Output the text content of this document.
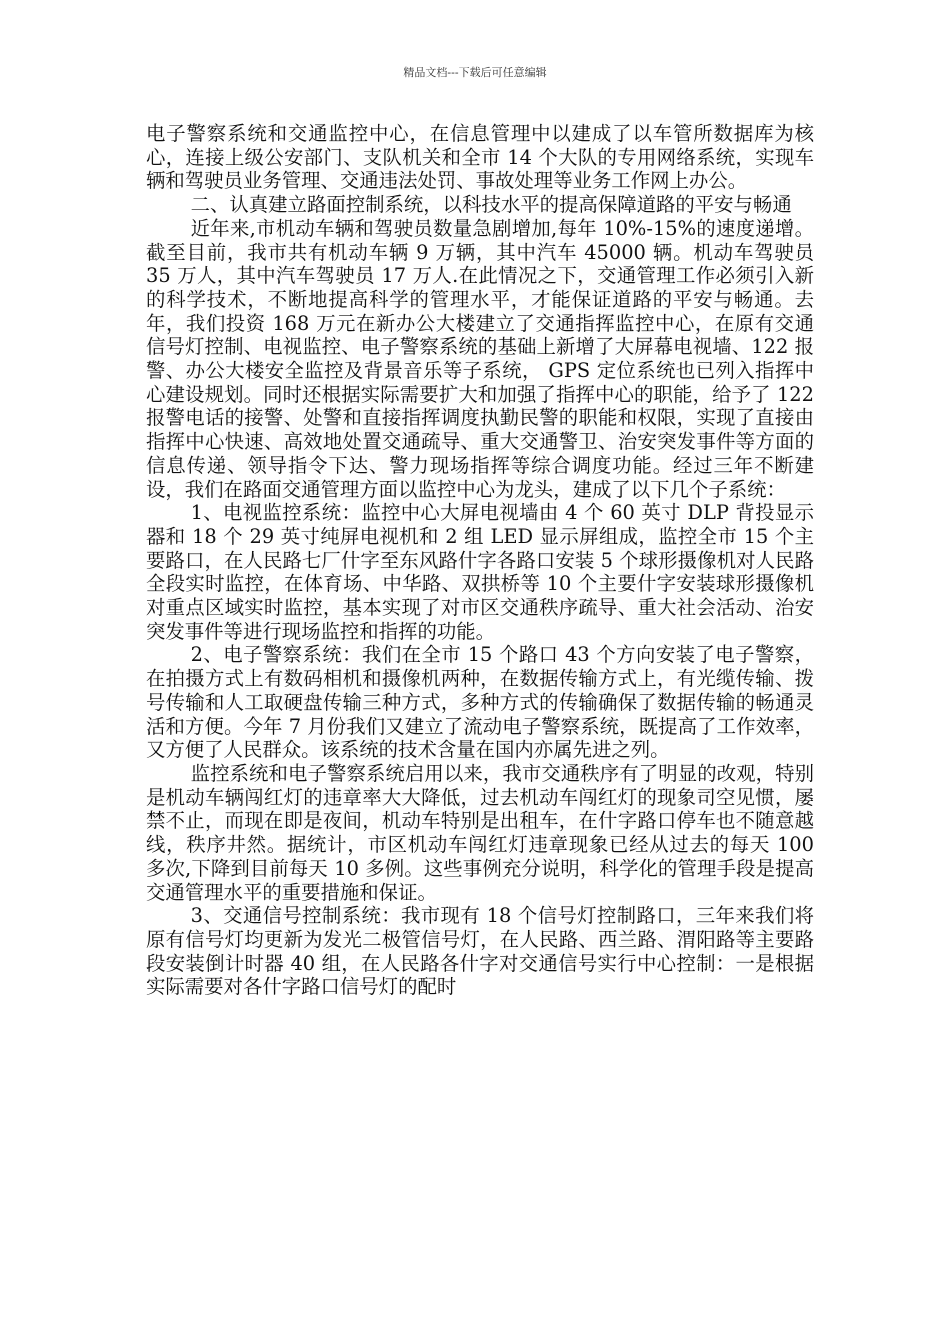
精品文档---下载后可任意编辑

电子警察系统和交通监控中心，在信息管理中以建成了以车管所数据库为核心，连接上级公安部门、支队机关和全市 14 个大队的专用网络系统，实现车辆和驾驶员业务管理、交通违法处罚、事故处理等业务工作网上办公。

二、认真建立路面控制系统，以科技水平的提高保障道路的平安与畅通

近年来,市机动车辆和驾驶员数量急剧增加,每年 10%-15%的速度递增。截至目前，我市共有机动车辆 9 万辆，其中汽车 45000 辆。机动车驾驶员 35 万人，其中汽车驾驶员 17 万人.在此情况之下，交通管理工作必须引入新的科学技术，不断地提高科学的管理水平，才能保证道路的平安与畅通。去年，我们投资 168 万元在新办公大楼建立了交通指挥监控中心，在原有交通信号灯控制、电视监控、电子警察系统的基础上新增了大屏幕电视墙、122 报警、办公大楼安全监控及背景音乐等子系统， GPS 定位系统也已列入指挥中心建设规划。同时还根据实际需要扩大和加强了指挥中心的职能，给予了 122 报警电话的接警、处警和直接指挥调度执勤民警的职能和权限，实现了直接由指挥中心快速、高效地处置交通疏导、重大交通警卫、治安突发事件等方面的信息传递、领导指令下达、警力现场指挥等综合调度功能。经过三年不断建设，我们在路面交通管理方面以监控中心为龙头，建成了以下几个子系统：

1、电视监控系统：监控中心大屏电视墙由 4 个 60 英寸 DLP 背投显示器和 18 个 29 英寸纯屏电视机和 2 组 LED 显示屏组成，监控全市 15 个主要路口，在人民路七厂什字至东风路什字各路口安装 5 个球形摄像机对人民路全段实时监控，在体育场、中华路、双拱桥等 10 个主要什字安装球形摄像机对重点区域实时监控，基本实现了对市区交通秩序疏导、重大社会活动、治安突发事件等进行现场监控和指挥的功能。

2、电子警察系统：我们在全市 15 个路口 43 个方向安装了电子警察，在拍摄方式上有数码相机和摄像机两种，在数据传输方式上，有光缆传输、拨号传输和人工取硬盘传输三种方式，多种方式的传输确保了数据传输的畅通灵活和方便。今年 7 月份我们又建立了流动电子警察系统，既提高了工作效率，又方便了人民群众。该系统的技术含量在国内亦属先进之列。

监控系统和电子警察系统启用以来，我市交通秩序有了明显的改观，特别是机动车辆闯红灯的违章率大大降低，过去机动车闯红灯的现象司空见惯，屡禁不止，而现在即是夜间，机动车特别是出租车，在什字路口停车也不随意越线，秩序井然。据统计，市区机动车闯红灯违章现象已经从过去的每天 100 多次,下降到目前每天 10 多例。这些事例充分说明，科学化的管理手段是提高交通管理水平的重要措施和保证。

3、交通信号控制系统：我市现有 18 个信号灯控制路口，三年来我们将原有信号灯均更新为发光二极管信号灯，在人民路、西兰路、渭阳路等主要路段安装倒计时器 40 组，在人民路各什字对交通信号实行中心控制：一是根据实际需要对各什字路口信号灯的配时
